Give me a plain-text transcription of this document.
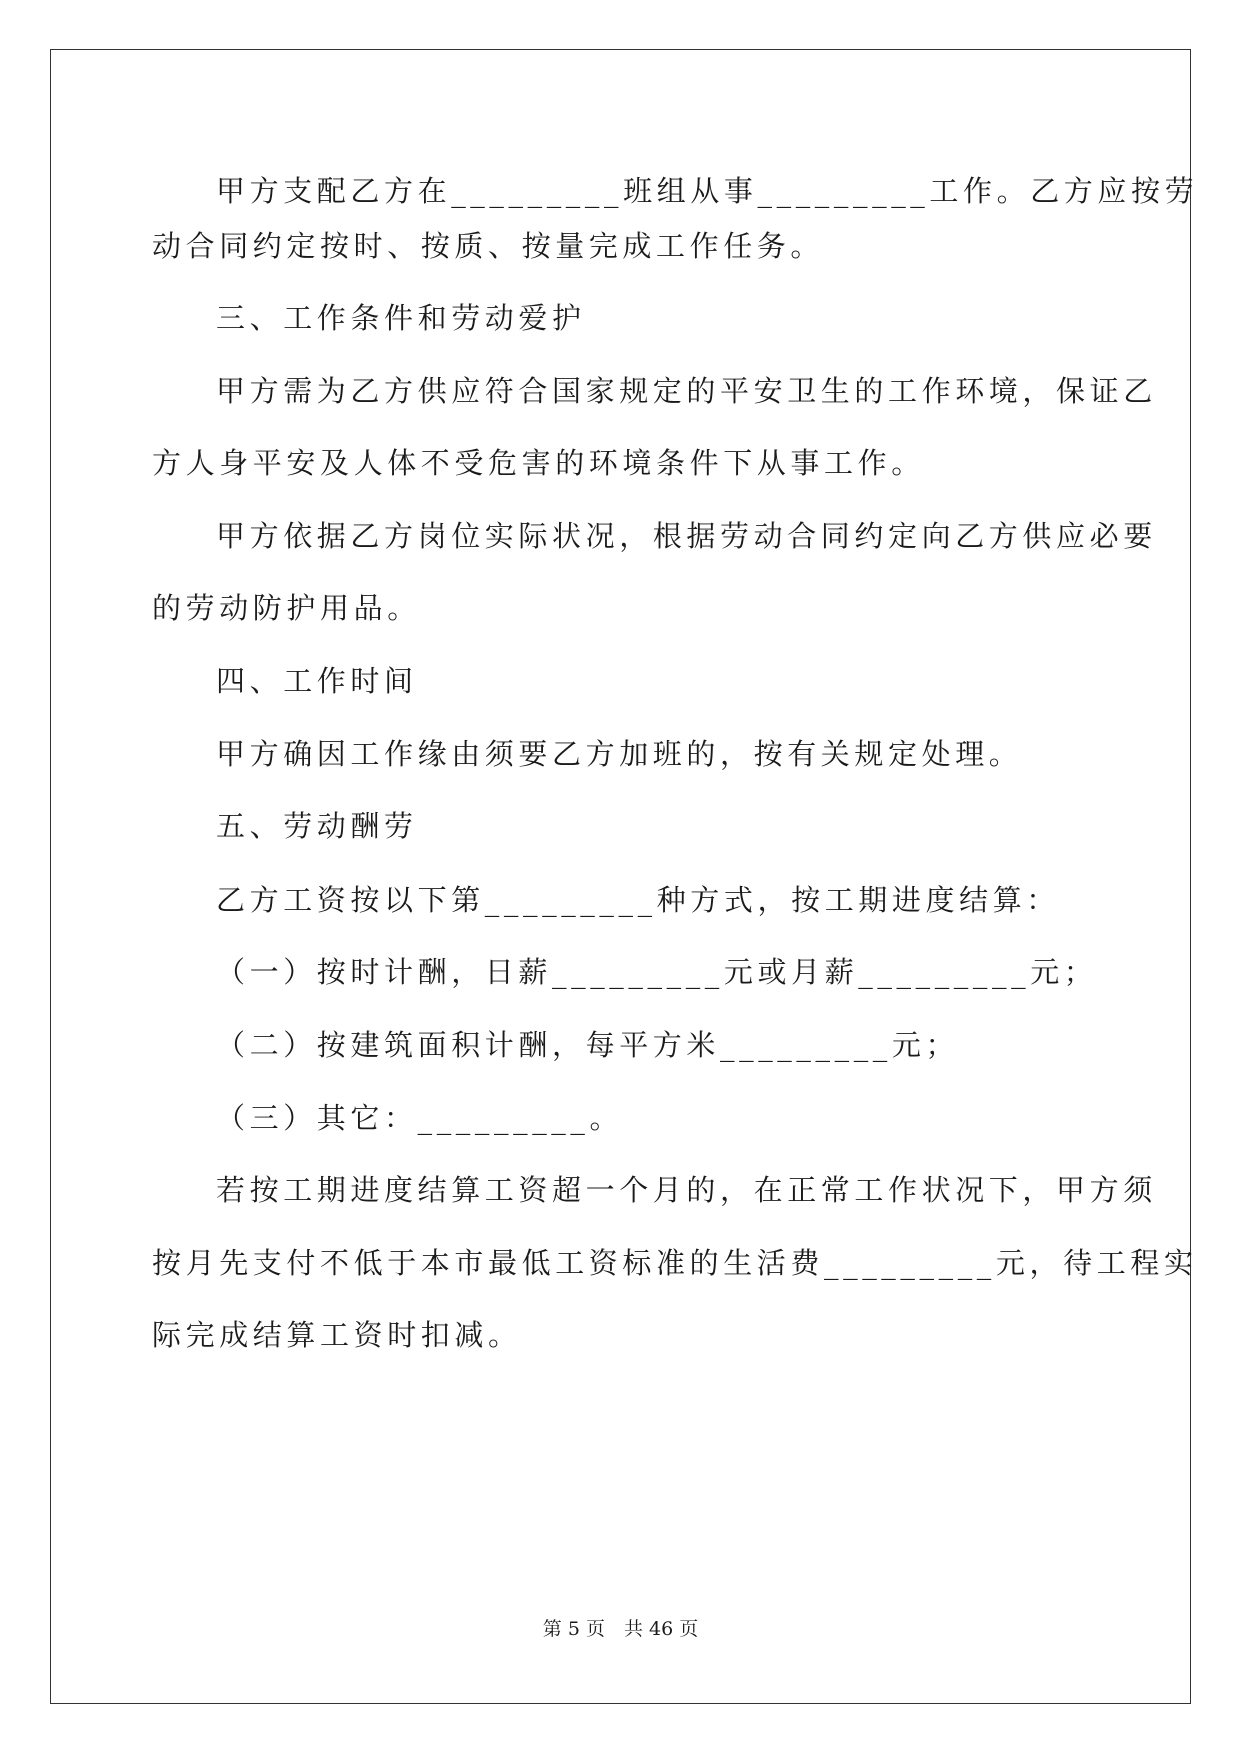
甲方支配乙方在_________班组从事_________工作。乙方应按劳
动合同约定按时、按质、按量完成工作任务。
三、工作条件和劳动爱护
甲方需为乙方供应符合国家规定的平安卫生的工作环境，保证乙
方人身平安及人体不受危害的环境条件下从事工作。
甲方依据乙方岗位实际状况，根据劳动合同约定向乙方供应必要
的劳动防护用品。
四、工作时间
甲方确因工作缘由须要乙方加班的，按有关规定处理。
五、劳动酬劳
乙方工资按以下第_________种方式，按工期进度结算：
（一）按时计酬，日薪_________元或月薪_________元；
（二）按建筑面积计酬，每平方米_________元；
（三）其它：_________。
若按工期进度结算工资超一个月的，在正常工作状况下，甲方须
按月先支付不低于本市最低工资标准的生活费_________元，待工程实
际完成结算工资时扣减。
第 5 页　共 46 页
